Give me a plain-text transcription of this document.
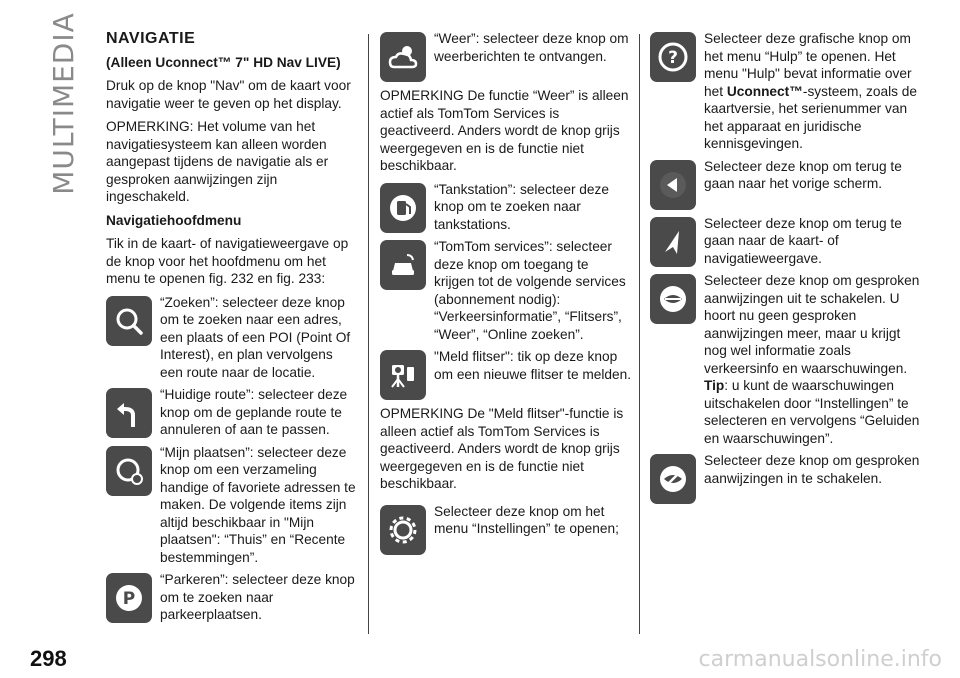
MULTIMEDIA NAVIGATIE
(Alleen Uconnect™ 7" HD Nav LIVE)

Druk op de knop "Nav" om de kaart voor navigatie weer te geven op het display.

OPMERKING: Het volume van het navigatiesysteem kan alleen worden aangepast tijdens de navigatie als er gesproken aanwijzingen zijn ingeschakeld.

Navigatiehoofdmenu

Tik in de kaart- of navigatieweergave op de knop voor het hoofdmenu om het menu te openen fig. 232 en fig. 233:

“Zoeken”: selecteer deze knop om te zoeken naar een adres, een plaats of een POI (Point Of Interest), en plan vervolgens een route naar de locatie.
“Huidige route”: selecteer deze knop om de geplande route te annuleren of aan te passen.
“Mijn plaatsen”: selecteer deze knop om een verzameling handige of favoriete adressen te maken. De volgende items zijn altijd beschikbaar in "Mijn plaatsen": “Thuis” en “Recente bestemmingen”.
P
“Parkeren”: selecteer deze knop om te zoeken naar parkeerplaatsen.
“Weer”: selecteer deze knop om weerberichten te ontvangen.

OPMERKING De functie “Weer” is alleen actief als TomTom Services is geactiveerd. Anders wordt de knop grijs weergegeven en is de functie niet beschikbaar.

“Tankstation”: selecteer deze knop om te zoeken naar tankstations.
“TomTom services”: selecteer deze knop om toegang te krijgen tot de volgende services (abonnement nodig): “Verkeersinformatie”, “Flitsers”, “Weer”, “Online zoeken”.
"Meld flitser": tik op deze knop om een nieuwe flitser te melden.

OPMERKING De "Meld flitser"-functie is alleen actief als TomTom Services is geactiveerd. Anders wordt de knop grijs weergegeven en is de functie niet beschikbaar.

Selecteer deze knop om het menu “Instellingen” te openen;
?
Selecteer deze grafische knop om het menu “Hulp” te openen. Het menu "Hulp" bevat informatie over het Uconnect™-systeem, zoals de kaartversie, het serienummer van het apparaat en juridische kennisgevingen.
Selecteer deze knop om terug te gaan naar het vorige scherm.
Selecteer deze knop om terug te gaan naar de kaart- of navigatieweergave.
Selecteer deze knop om gesproken aanwijzingen uit te schakelen. U hoort nu geen gesproken aanwijzingen meer, maar u krijgt nog wel informatie zoals verkeersinfo en waarschuwingen. Tip: u kunt de waarschuwingen uitschakelen door “Instellingen” te selecteren en vervolgens “Geluiden en waarschuwingen”.
Selecteer deze knop om gesproken aanwijzingen in te schakelen.
298	carmanualsonline.info
